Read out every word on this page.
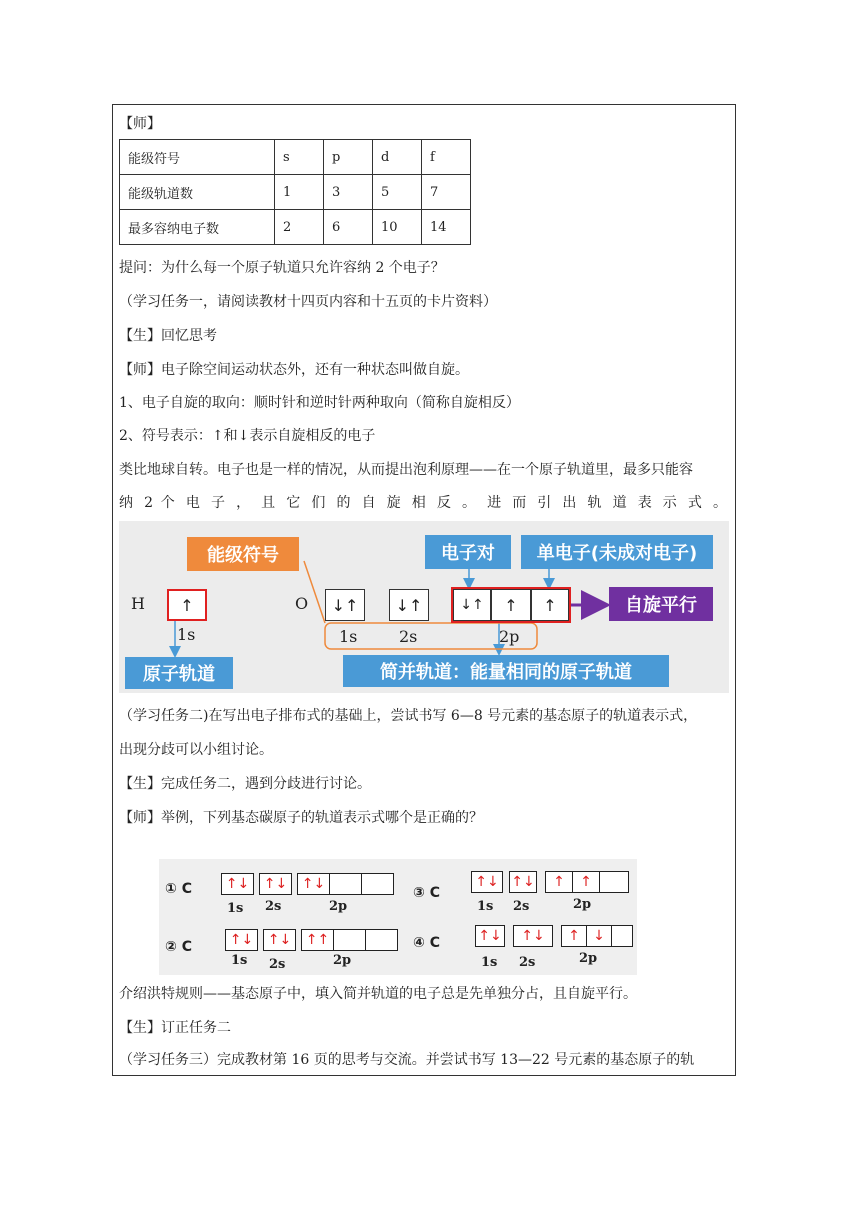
【师】
能级符号	s	p	d	f
能级轨道数	1	3	5	7
最多容纳电子数	2	6	10	14
提问：为什么每一个原子轨道只允许容纳 2 个电子？
（学习任务一，请阅读教材十四页内容和十五页的卡片资料）
【生】回忆思考
【师】电子除空间运动状态外，还有一种状态叫做自旋。
1、电子自旋的取向：顺时针和逆时针两种取向（简称自旋相反）
2、符号表示：↑和↓表示自旋相反的电子
类比地球自转。电子也是一样的情况，从而提出泡利原理——在一个原子轨道里，最多只能容
纳 2 个 电 子 ， 且 它 们 的 自 旋 相 反 。 进 而 引 出 轨 道 表 示 式 。
能级符号	电子对	单电子(未成对电子)
自旋平行
原子轨道	简并轨道：能量相同的原子轨道
H	↑
1s
O	↓↑	↓↑	↓↑	↑	↑
1s	2s	2p
（学习任务二)在写出电子排布式的基础上，尝试书写 6—8 号元素的基态原子的轨道表示式，
出现分歧可以小组讨论。
【生】完成任务二，遇到分歧进行讨论。
【师】举例，下列基态碳原子的轨道表示式哪个是正确的？
① C	↑↓	↑↓	↑↓
1s 2s	2p
② C	↑↓	↑↓	↑↑
1s 2s	2p
③ C
↑↓ ↑↓	↑	↑
1s 2s	2p
④ C	↑↓	↑↓	↑ ↓
1s 2s	2p
介绍洪特规则——基态原子中，填入简并轨道的电子总是先单独分占，且自旋平行。
【生】订正任务二
（学习任务三）完成教材第 16 页的思考与交流。并尝试书写 13—22 号元素的基态原子的轨
